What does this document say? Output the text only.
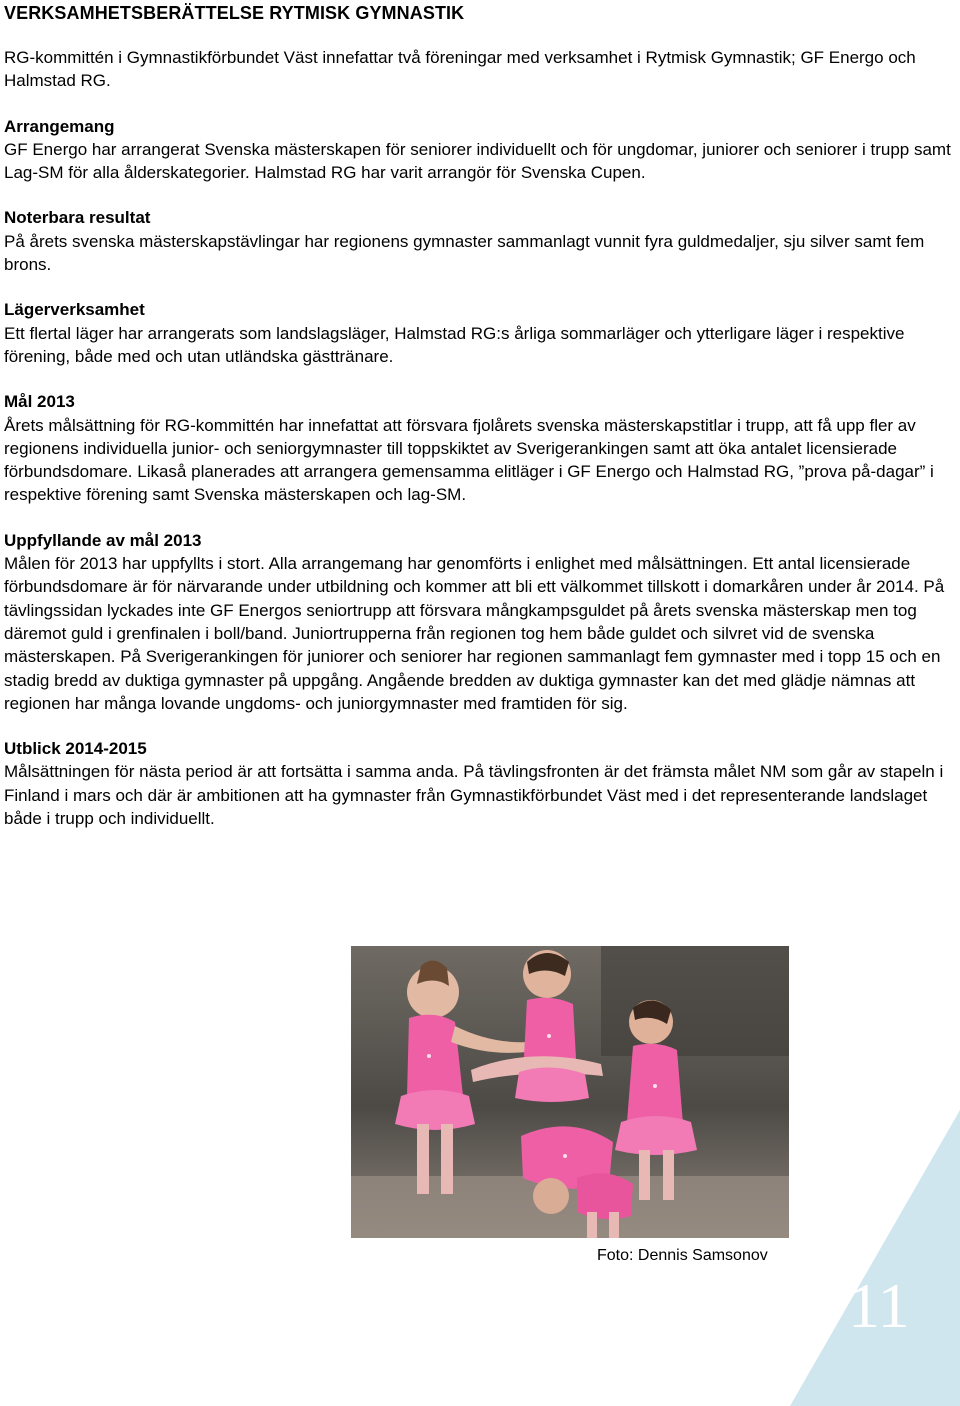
VERKSAMHETSBERÄTTELSE RYTMISK GYMNASTIK

RG-kommittén i Gymnastikförbundet Väst innefattar två föreningar med verksamhet i Rytmisk Gymnastik; GF Energo och Halmstad RG.

Arrangemang

GF Energo har arrangerat Svenska mästerskapen för seniorer individuellt och för ungdomar, juniorer och seniorer i trupp samt Lag-SM för alla ålderskategorier. Halmstad RG har varit arrangör för Svenska Cupen.

Noterbara resultat

På årets svenska mästerskapstävlingar har regionens gymnaster sammanlagt vunnit fyra guldmedaljer, sju silver samt fem brons.

Lägerverksamhet

Ett flertal läger har arrangerats som landslagsläger, Halmstad RG:s årliga sommarläger och ytterligare läger i respektive förening, både med och utan utländska gästtränare.

Mål 2013

Årets målsättning för RG-kommittén har innefattat att försvara fjolårets svenska mästerskapstitlar i trupp, att få upp fler av regionens individuella junior- och seniorgymnaster till toppskiktet av Sverigerankingen samt att öka antalet licensierade förbundsdomare. Likaså planerades att arrangera gemensamma elitläger i GF Energo och Halmstad RG, ”prova på-dagar” i respektive förening samt Svenska mästerskapen och lag-SM.

Uppfyllande av mål 2013

Målen för 2013 har uppfyllts i stort. Alla arrangemang har genomförts i enlighet med målsättningen. Ett antal licensierade förbundsdomare är för närvarande under utbildning och kommer att bli ett välkommet tillskott i domarkåren under år 2014. På tävlingssidan lyckades inte GF Energos seniortrupp att försvara mångkampsguldet på årets svenska mästerskap men tog däremot guld i grenfinalen i boll/band. Juniortrupperna från regionen tog hem både guldet och silvret vid de svenska mästerskapen. På Sverigerankingen för juniorer och seniorer har regionen sammanlagt fem gymnaster med i topp 15 och en stadig bredd av duktiga gymnaster på uppgång. Angående bredden av duktiga gymnaster kan det med glädje nämnas att regionen har många lovande ungdoms- och juniorgymnaster med framtiden för sig.

Utblick 2014-2015

Målsättningen för nästa period är att fortsätta i samma anda. På tävlingsfronten är det främsta målet NM som går av stapeln i Finland i mars och där är ambitionen att ha gymnaster från Gymnastikförbundet Väst med i det representerande landslaget både i trupp och individuellt.

Foto: Dennis Samsonov
11
